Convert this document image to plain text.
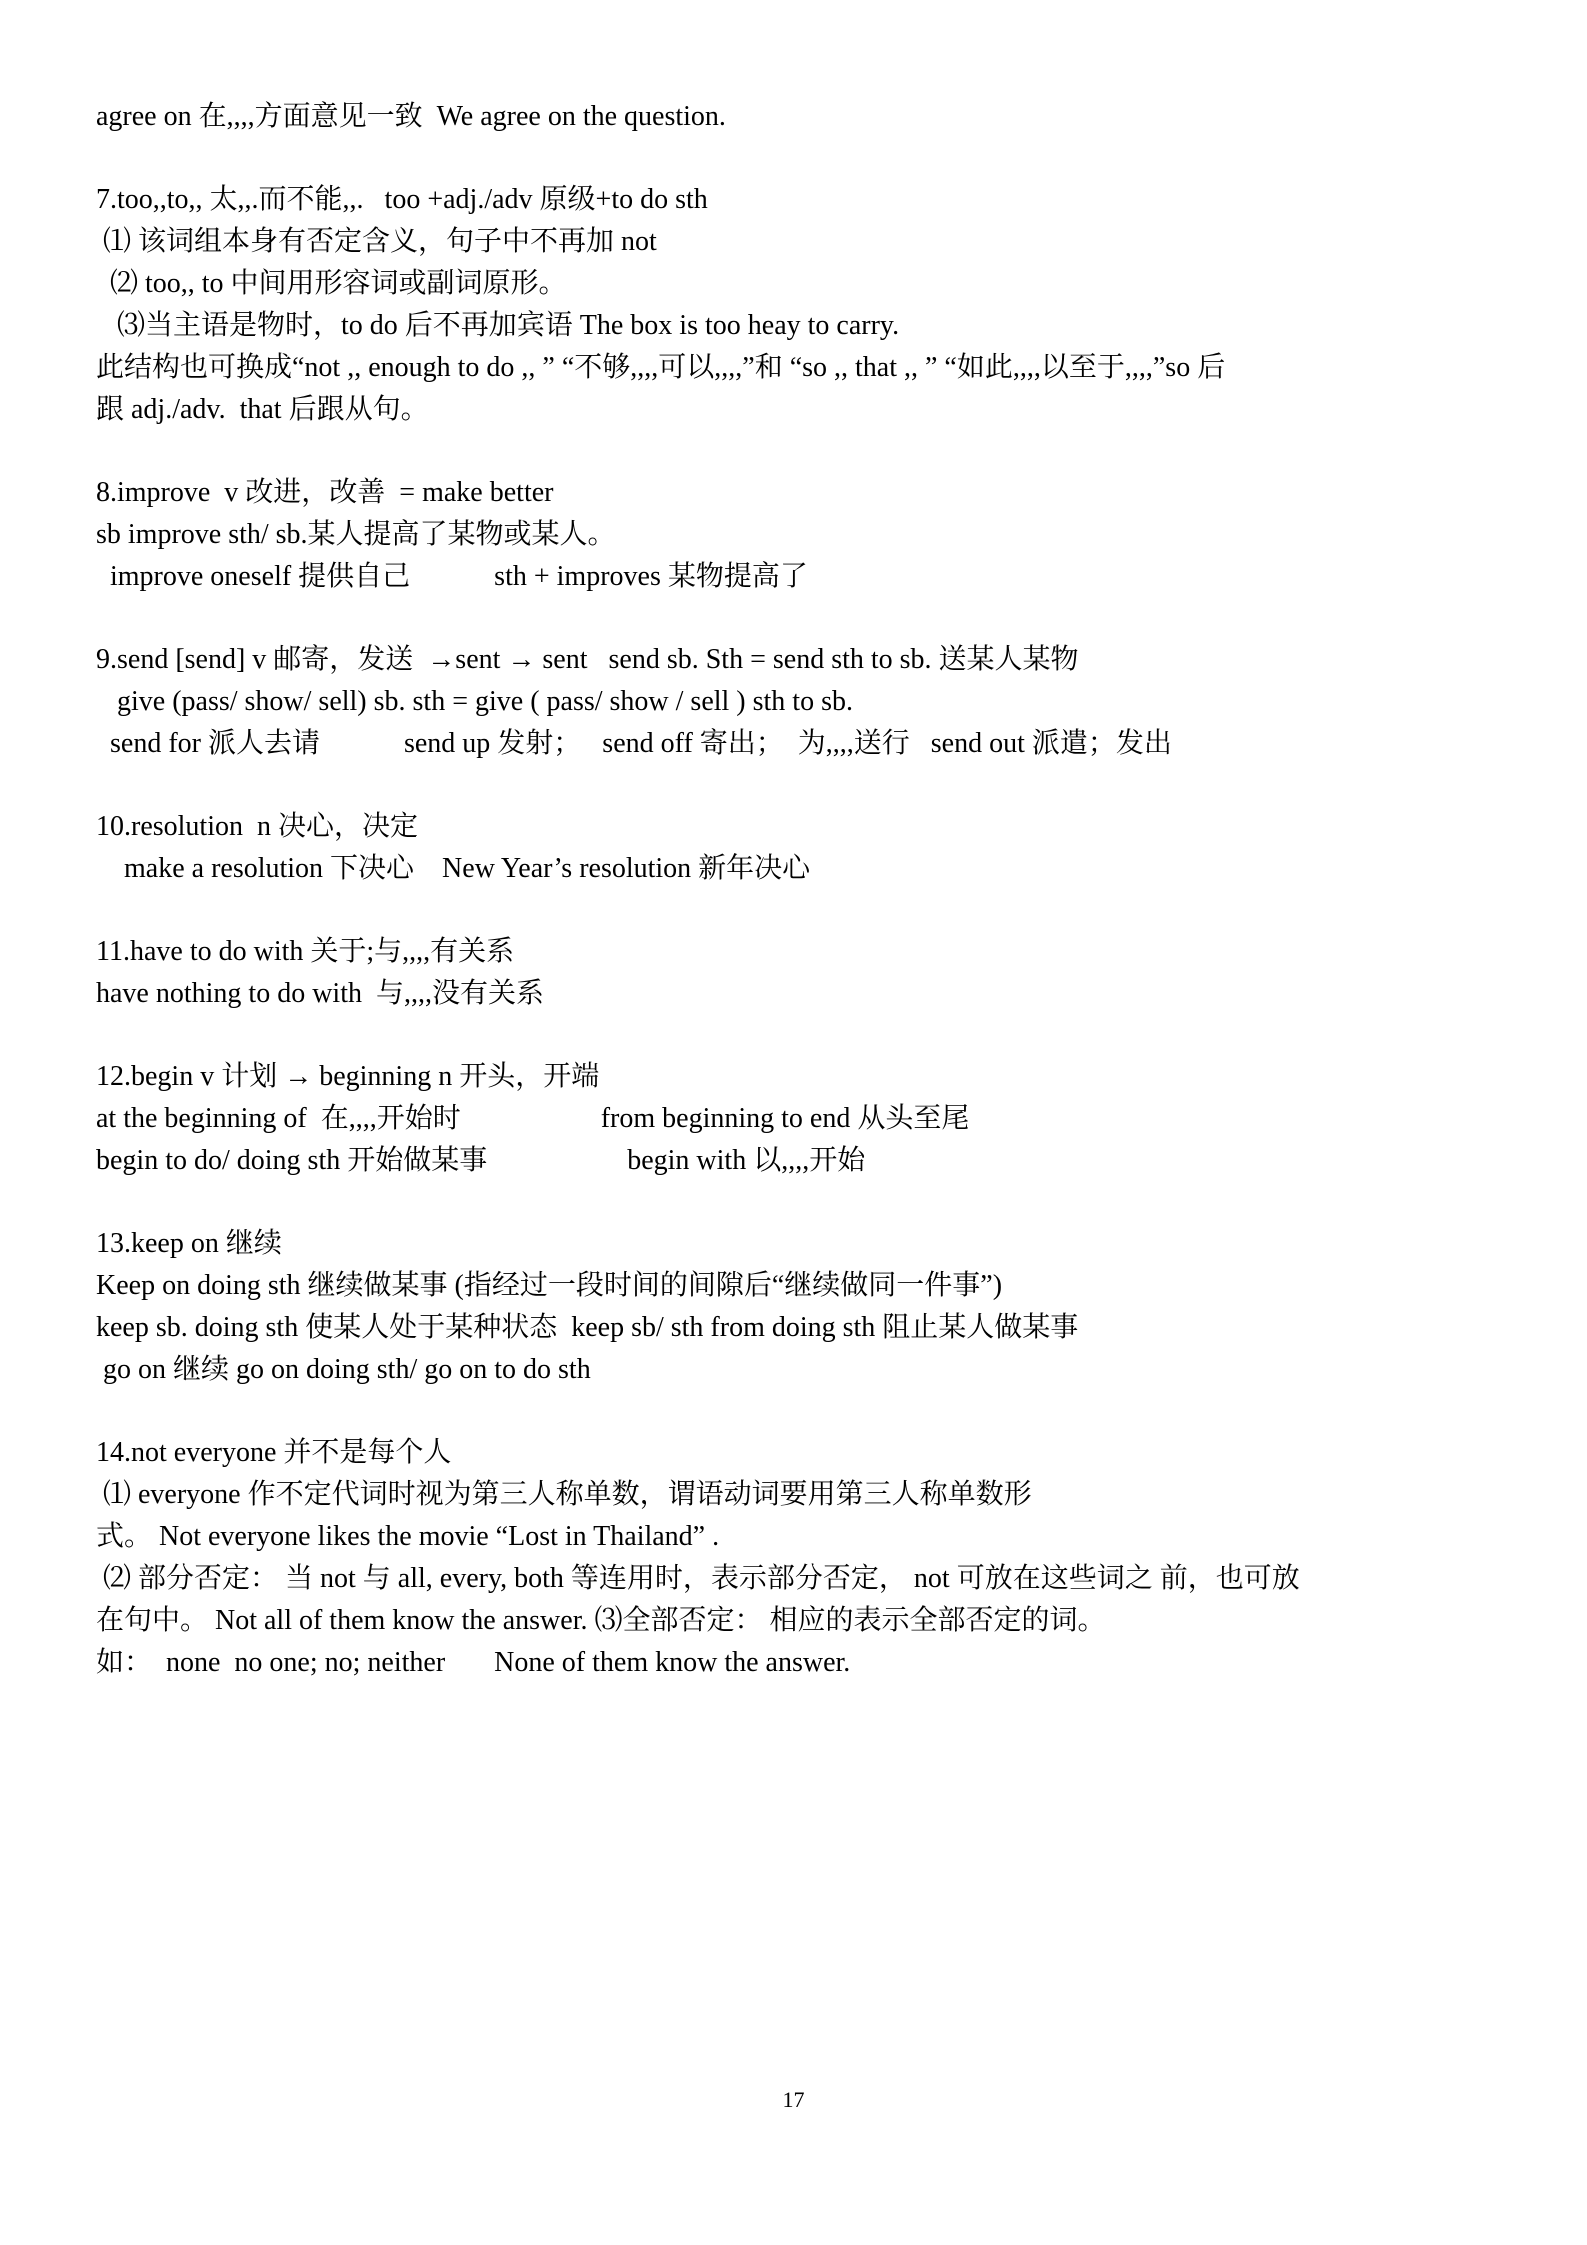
agree on 在,,,,方面意见一致  We agree on the question.

7.too,,to,, 太,,.而不能,,.   too +adj./adv 原级+to do sth

⑴ 该词组本身有否定含义，句子中不再加 not

⑵ too,, to 中间用形容词或副词原形。

⑶当主语是物时，to do 后不再加宾语 The box is too heay to carry.

此结构也可换成“not ,, enough to do ,, ” “不够,,,,可以,,,,”和 “so ,, that ,, ” “如此,,,,以至于,,,,”so 后

跟 adj./adv.  that 后跟从句。

8.improve  v 改进，改善  = make better

sb improve sth/ sb.某人提高了某物或某人。

improve oneself 提供自己            sth + improves 某物提高了

9.send [send] v 邮寄，发送  →sent → sent   send sb. Sth = send sth to sb. 送某人某物

give (pass/ show/ sell) sb. sth = give ( pass/ show / sell ) sth to sb.

send for 派人去请            send up 发射；   send off 寄出；  为,,,,送行   send out 派遣；发出

10.resolution  n 决心，决定

make a resolution 下决心    New Year’s resolution 新年决心

11.have to do with 关于;与,,,,有关系

have nothing to do with  与,,,,没有关系

12.begin v 计划 → beginning n 开头，开端

at the beginning of  在,,,,开始时                    from beginning to end 从头至尾

begin to do/ doing sth 开始做某事                    begin with 以,,,,开始

13.keep on 继续

Keep on doing sth 继续做某事 (指经过一段时间的间隙后“继续做同一件事”)

keep sb. doing sth 使某人处于某种状态  keep sb/ sth from doing sth 阻止某人做某事

go on 继续 go on doing sth/ go on to do sth

14.not everyone 并不是每个人

⑴ everyone 作不定代词时视为第三人称单数，谓语动词要用第三人称单数形

式。 Not everyone likes the movie “Lost in Thailand” .

⑵ 部分否定： 当 not 与 all, every, both 等连用时，表示部分否定， not 可放在这些词之 前，也可放

在句中。 Not all of them know the answer. ⑶全部否定： 相应的表示全部否定的词。

如：  none  no one; no; neither       None of them know the answer.

17
